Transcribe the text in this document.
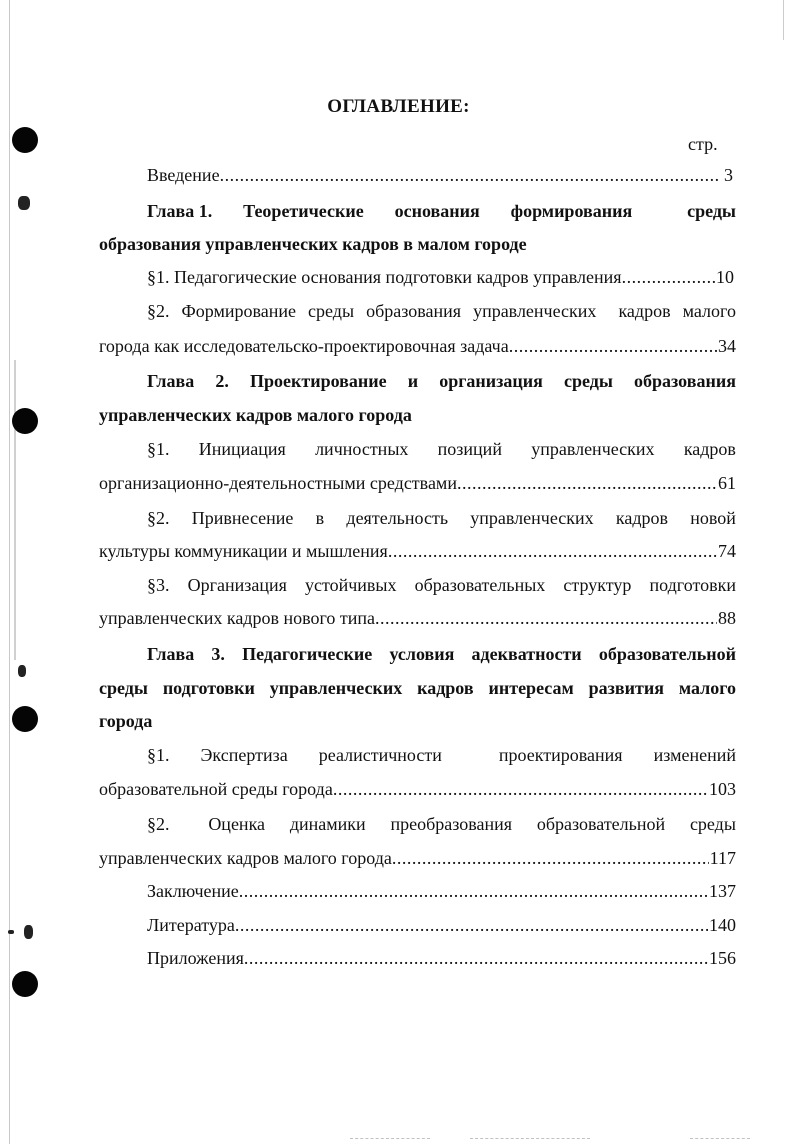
ОГЛАВЛЕНИЕ:
стр.
Введение .....	3
Глава 1. Теоретические основания формирования	среды
образования управленческих кадров в малом городе
§1. Педагогические основания подготовки кадров управления .....	10
§2. Формирование среды образования управленческих кадров малого
города как исследовательско-проектировочная задача .....	34
Глава 2. Проектирование и организация среды образования
управленческих кадров малого города
§1. Инициация личностных позиций управленческих кадров
организационно-деятельностными средствами .....	61
§2. Привнесение в деятельность управленческих кадров новой
культуры коммуникации и мышления .....	74
§3. Организация устойчивых образовательных структур подготовки
управленческих кадров нового типа .....	88
Глава 3. Педагогические условия адекватности образовательной
среды подготовки управленческих кадров интересам развития малого
города
§1. Экспертиза реалистичности	проектирования изменений
образовательной среды города .....	103
§2. Оценка динамики преобразования образовательной среды
управленческих кадров малого города .....	117
Заключение .....	137
Литература .....	140
Приложения .....	156
